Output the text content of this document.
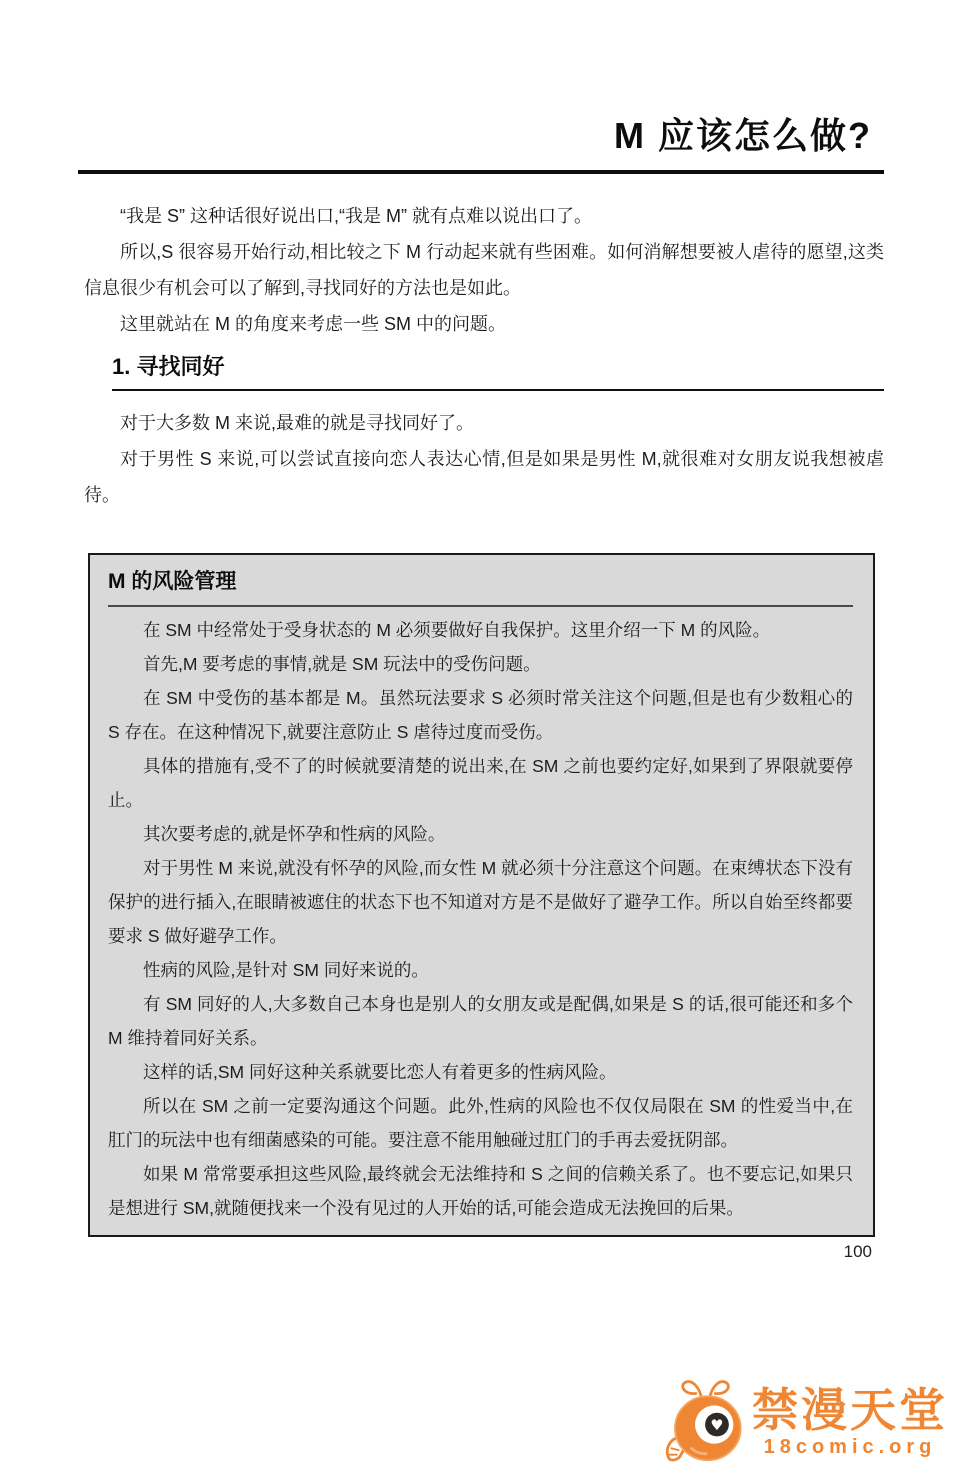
M 应该怎么做?

“我是 S” 这种话很好说出口,“我是 M” 就有点难以说出口了。

所以,S 很容易开始行动,相比较之下 M 行动起来就有些困难。如何消解想要被人虐待的愿望,这类信息很少有机会可以了解到,寻找同好的方法也是如此。

这里就站在 M 的角度来考虑一些 SM 中的问题。

1. 寻找同好

对于大多数 M 来说,最难的就是寻找同好了。

对于男性 S 来说,可以尝试直接向恋人表达心情,但是如果是男性 M,就很难对女朋友说我想被虐待。

M 的风险管理

在 SM 中经常处于受身状态的 M 必须要做好自我保护。这里介绍一下 M 的风险。

首先,M 要考虑的事情,就是 SM 玩法中的受伤问题。

在 SM 中受伤的基本都是 M。虽然玩法要求 S 必须时常关注这个问题,但是也有少数粗心的 S 存在。在这种情况下,就要注意防止 S 虐待过度而受伤。

具体的措施有,受不了的时候就要清楚的说出来,在 SM 之前也要约定好,如果到了界限就要停止。

其次要考虑的,就是怀孕和性病的风险。

对于男性 M 来说,就没有怀孕的风险,而女性 M 就必须十分注意这个问题。在束缚状态下没有保护的进行插入,在眼睛被遮住的状态下也不知道对方是不是做好了避孕工作。所以自始至终都要要求 S 做好避孕工作。

性病的风险,是针对 SM 同好来说的。

有 SM 同好的人,大多数自己本身也是别人的女朋友或是配偶,如果是 S 的话,很可能还和多个 M 维持着同好关系。

这样的话,SM 同好这种关系就要比恋人有着更多的性病风险。

所以在 SM 之前一定要沟通这个问题。此外,性病的风险也不仅仅局限在 SM 的性爱当中,在肛门的玩法中也有细菌感染的可能。要注意不能用触碰过肛门的手再去爱抚阴部。

如果 M 常常要承担这些风险,最终就会无法维持和 S 之间的信赖关系了。也不要忘记,如果只是想进行 SM,就随便找来一个没有见过的人开始的话,可能会造成无法挽回的后果。

100
♥ 禁漫天堂
18comic.org
